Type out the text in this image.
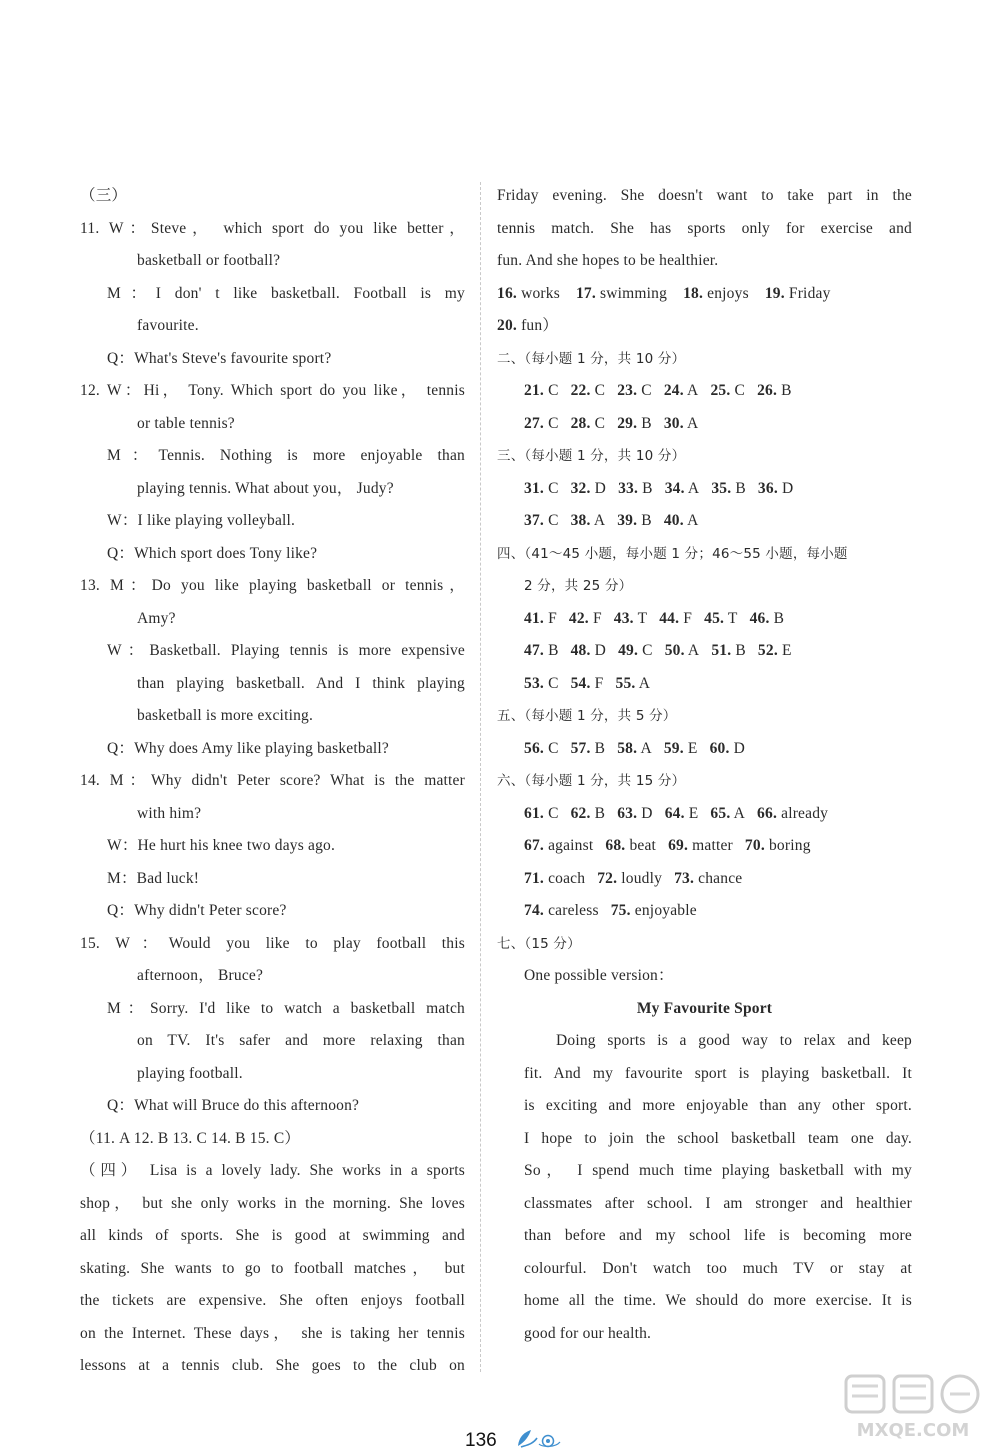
（三）
11. W：Steve， which sport do you like better，
basketball or football?
M：I don' t like basketball. Football is my
favourite.
Q：What's Steve's favourite sport?
12. W：Hi， Tony. Which sport do you like， tennis
or table tennis?
M：Tennis. Nothing is more enjoyable than
playing tennis. What about you， Judy?
W：I like playing volleyball.
Q：Which sport does Tony like?
13. M：Do you like playing basketball or tennis，
Amy?
W：Basketball. Playing tennis is more expensive
than playing basketball. And I think playing
basketball is more exciting.
Q：Why does Amy like playing basketball?
14. M：Why didn't Peter score? What is the matter
with him?
W：He hurt his knee two days ago.
M：Bad luck!
Q：Why didn't Peter score?
15. W：Would you like to play football this
afternoon， Bruce?
M：Sorry. I'd like to watch a basketball match
on TV. It's safer and more relaxing than
playing football.
Q：What will Bruce do this afternoon?
（11. A 12. B 13. C 14. B 15. C）
（四） Lisa is a lovely lady. She works in a sports
shop， but she only works in the morning. She loves
all kinds of sports. She is good at swimming and
skating. She wants to go to football matches， but
the tickets are expensive. She often enjoys football
on the Internet. These days， she is taking her tennis
lessons at a tennis club. She goes to the club on
Friday evening. She doesn't want to take part in the
tennis match. She has sports only for exercise and
fun. And she hopes to be healthier.
16. works 17. swimming 18. enjoys 19. Friday
20. fun）
二、（每小题 1 分，共 10 分）
21. C 22. C 23. C 24. A 25. C 26. B
27. C 28. C 29. B 30. A
三、（每小题 1 分，共 10 分）
31. C 32. D 33. B 34. A 35. B 36. D
37. C 38. A 39. B 40. A
四、（41～45 小题，每小题 1 分；46～55 小题，每小题
2 分，共 25 分）
41. F 42. F 43. T 44. F 45. T 46. B
47. B 48. D 49. C 50. A 51. B 52. E
53. C 54. F 55. A
五、（每小题 1 分，共 5 分）
56. C 57. B 58. A 59. E 60. D
六、（每小题 1 分，共 15 分）
61. C 62. B 63. D 64. E 65. A 66. already
67. against 68. beat 69. matter 70. boring
71. coach 72. loudly 73. chance
74. careless 75. enjoyable
七、（15 分）
One possible version：
My Favourite Sport
Doing sports is a good way to relax and keep
fit. And my favourite sport is playing basketball. It
is exciting and more enjoyable than any other sport.
I hope to join the school basketball team one day.
So， I spend much time playing basketball with my
classmates after school. I am stronger and healthier
than before and my school life is becoming more
colourful. Don't watch too much TV or stay at
home all the time. We should do more exercise. It is
good for our health.
136	MXQE.COM
